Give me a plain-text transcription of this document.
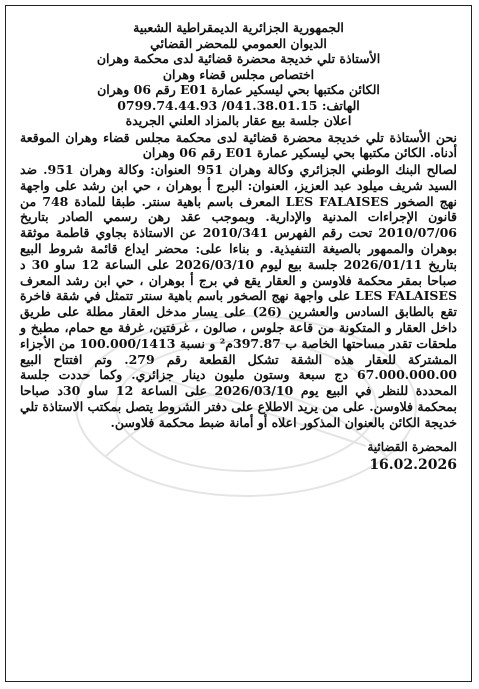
الجمهورية الجزائرية الديمقراطية الشعبية
الديوان العمومي للمحضر القضائي
الأستاذة تلي خديجة محضرة قضائية لدى محكمة وهران
اختصاص مجلس قضاء وهران
الكائن مكتبها بحي ليسكير عمارة E01 رقم 06 وهران
الهاتف: 041.38.01.15/ 0799.74.44.93
اعلان جلسة بيع عقار بالمزاد العلني الجريدة
نحن الأستاذة تلي خديجة محضرة قضائية لدى محكمة مجلس قضاء وهران الموقعة أدناه. الكائن مكتبها بحي ليسكير عمارة E01 رقم 06 وهران
لصالح البنك الوطني الجزائري وكالة وهران 951 العنوان: وكالة وهران 951. ضد السيد شريف ميلود عبد العزيز، العنوان: البرج أ بوهران ، حي ابن رشد على واجهة نهج الصخور LES FALAISES المعرف باسم باهية سنتر. طبقا للمادة 748 من قانون الإجراءات المدنية والإدارية. وبموجب عقد رهن رسمي الصادر بتاريخ 2010/07/06 تحت رقم الفهرس 2010/341 عن الاستاذة بجاوي قاطمة موثقة بوهران والممهور بالصيغة التنفيذية. و بناءا على: محضر ايداع قائمة شروط البيع بتاريخ 2026/01/11 جلسة بيع ليوم 2026/03/10 على الساعة 12 ساو 30 د صباحا بمقر محكمة فلاوسن و العقار يقع في برج أ بوهران ، حي ابن رشد المعرف LES FALAISES على واجهة نهج الصخور باسم باهية سنتر تتمثل في شقة فاخرة تقع بالطابق السادس والعشرين (26) على يسار مدخل العقار مطلة على طريق داخل العقار و المتكونة من قاعة جلوس ، صالون ، غرفتين، غرفة مع حمام، مطبخ و ملحقات تقدر مساحتها الخاصة ب 397.87م² و نسبة 100.000/1413 من الأجزاء المشتركة للعقار هذه الشقة تشكل القطعة رقم 279. وتم افتتاح البيع 67.000.000.00 دج سبعة وستون مليون دينار جزائري. وكما حددت جلسة المحددة للنظر في البيع يوم 2026/03/10 على الساعة 12 ساو 30د صباحا بمحكمة فلاوسن. على من يريد الاطلاع على دفتر الشروط يتصل بمكتب الاستاذة تلي خديجة الكائن بالعنوان المذكور اعلاه أو أمانة ضبط محكمة فلاوسن.
المحضرة القضائية
16.02.2026
